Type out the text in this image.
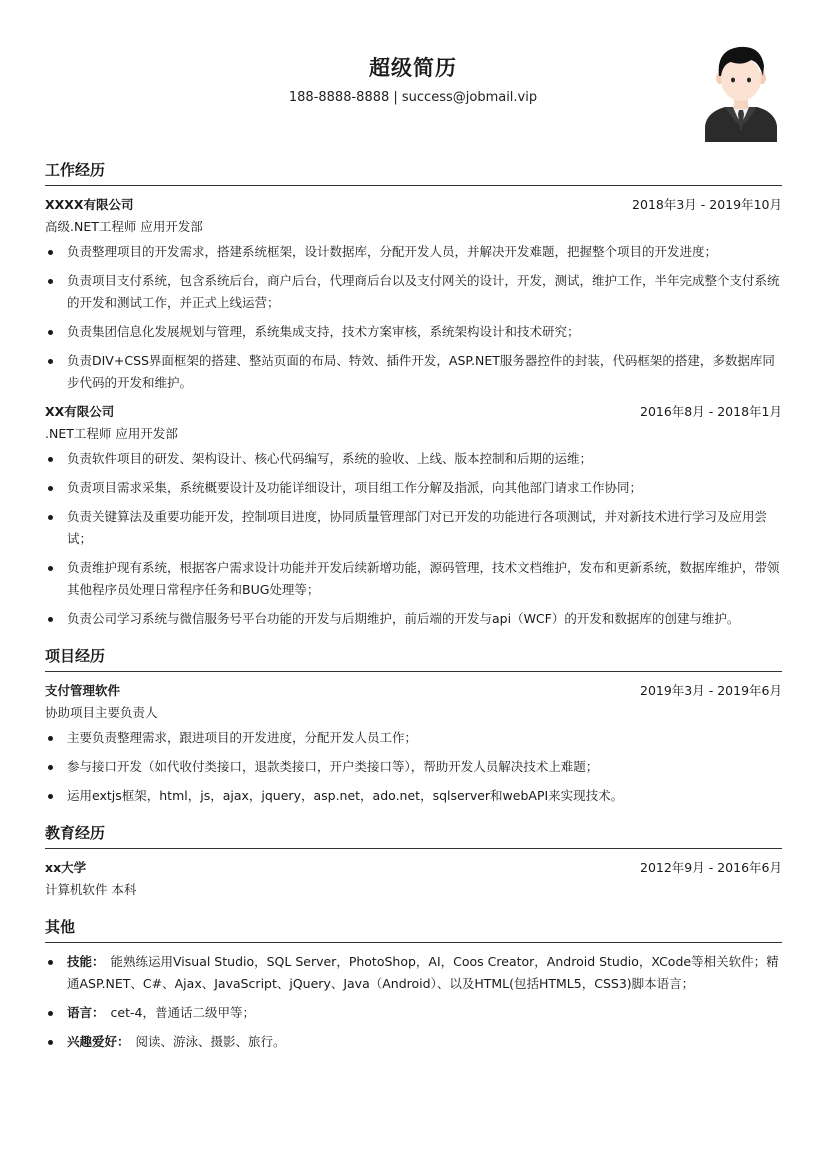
超级简历
188-8888-8888 | success@jobmail.vip
工作经历
XXXX有限公司	2018年3月 - 2019年10月
高级.NET工程师 应用开发部
负责整理项目的开发需求，搭建系统框架，设计数据库，分配开发人员，并解决开发难题，把握整个项目的开发进度；
负责项目支付系统，包含系统后台，商户后台，代理商后台以及支付网关的设计，开发，测试，维护工作，半年完成整个支付系统的开发和测试工作，并正式上线运营；
负责集团信息化发展规划与管理，系统集成支持，技术方案审核，系统架构设计和技术研究；
负责DIV+CSS界面框架的搭建、整站页面的布局、特效、插件开发，ASP.NET服务器控件的封装，代码框架的搭建，多数据库同步代码的开发和维护。
XX有限公司	2016年8月 - 2018年1月
.NET工程师 应用开发部
负责软件项目的研发、架构设计、核心代码编写，系统的验收、上线、版本控制和后期的运维；
负责项目需求采集，系统概要设计及功能详细设计，项目组工作分解及指派，向其他部门请求工作协同；
负责关键算法及重要功能开发，控制项目进度，协同质量管理部门对已开发的功能进行各项测试，并对新技术进行学习及应用尝试；
负责维护现有系统，根据客户需求设计功能并开发后续新增功能，源码管理，技术文档维护，发布和更新系统，数据库维护，带领其他程序员处理日常程序任务和BUG处理等；
负责公司学习系统与微信服务号平台功能的开发与后期维护，前后端的开发与api（WCF）的开发和数据库的创建与维护。
项目经历
支付管理软件	2019年3月 - 2019年6月
协助项目主要负责人
主要负责整理需求，跟进项目的开发进度，分配开发人员工作；
参与接口开发（如代收付类接口，退款类接口，开户类接口等），帮助开发人员解决技术上难题；
运用extjs框架，html，js，ajax，jquery，asp.net，ado.net，sqlserver和webAPI来实现技术。
教育经历
xx大学	2012年9月 - 2016年6月
计算机软件 本科
其他
技能： 能熟练运用Visual Studio，SQL Server，PhotoShop，AI，Coos Creator，Android Studio，XCode等相关软件；精通ASP.NET、C#、Ajax、JavaScript、jQuery、Java（Android）、以及HTML(包括HTML5，CSS3)脚本语言；
语言： cet-4，普通话二级甲等；
兴趣爱好： 阅读、游泳、摄影、旅行。
